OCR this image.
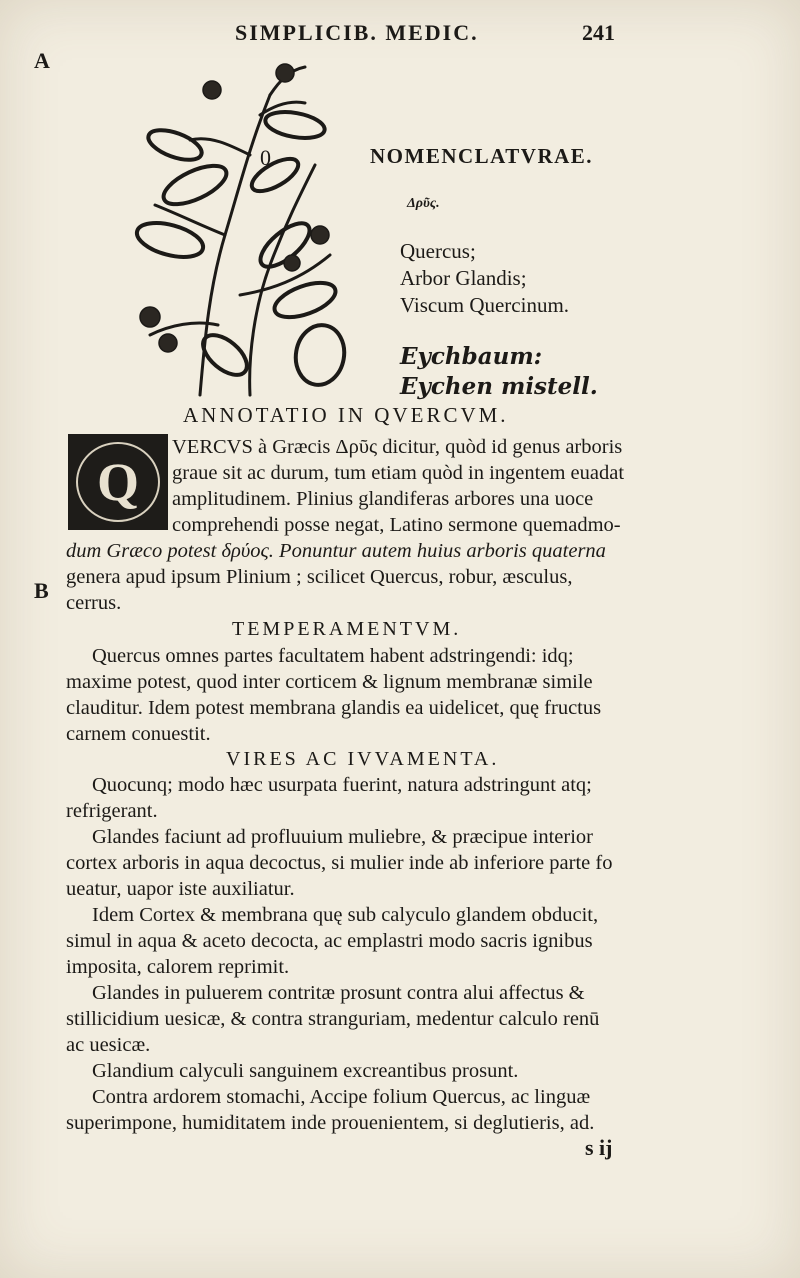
SIMPLICIB. MEDIC.	241
A
B
0	NOMENCLATVRAE.
Δρῦς.
Quercus;
Arbor Glandis;
Viscum Quercinum.
Eychbaum:
Eychen mistell.
ANNOTATIO IN QVERCVM.
Q
VERCVS à Græcis Δρῦς dicitur, quòd id genus arboris
graue sit ac durum, tum etiam quòd in ingentem euadat
amplitudinem. Plinius glandiferas arbores una uoce
comprehendi posse negat, Latino sermone quemadmo-
dum Græco potest δρύος. Ponuntur autem huius arboris quaterna
genera apud ipsum Plinium ; scilicet Quercus, robur, æsculus,
cerrus.
TEMPERAMENTVM.
Quercus omnes partes facultatem habent adstringendi: idq;
maxime potest, quod inter corticem & lignum membranæ simile
clauditur. Idem potest membrana glandis ea uidelicet, quę fructus
carnem conuestit.
VIRES AC IVVAMENTA.
Quocunq; modo hæc usurpata fuerint, natura adstringunt atq;
refrigerant.
Glandes faciunt ad profluuium muliebre, & præcipue interior
cortex arboris in aqua decoctus, si mulier inde ab inferiore parte fo
ueatur, uapor iste auxiliatur.
Idem Cortex & membrana quę sub calyculo glandem obducit,
simul in aqua & aceto decocta, ac emplastri modo sacris ignibus
imposita, calorem reprimit.
Glandes in puluerem contritæ prosunt contra alui affectus &
stillicidium uesicæ, & contra stranguriam, medentur calculo renū
ac uesicæ.
Glandium calyculi sanguinem excreantibus prosunt.
Contra ardorem stomachi, Accipe folium Quercus, ac linguæ
superimpone, humiditatem inde prouenientem, si deglutieris, ad.
s ij
